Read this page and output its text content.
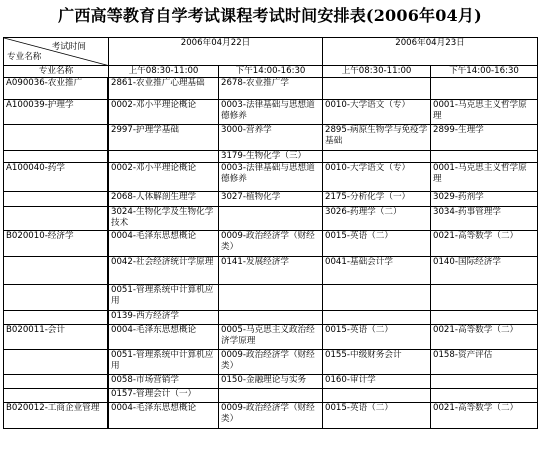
广西高等教育自学考试课程考试时间安排表(2006年04月)
考试时间
专业名称	2006年04月22日		2006年04月23日	
专业名称	上午08:30-11:00	下午14:00-16:30	上午08:30-11:00	下午14:00-16:30
A090036-农业推广		2861-农业推广心理基础	2678-农业推广学		
A100039-护理学		0002-邓小平理论概论	0003-法律基础与思想道德修养	0010-大学语文（专）	0001-马克思主义哲学原理
		2997-护理学基础	3000-营养学	2895-病原生物学与免疫学基础	2899-生理学
			3179-生物化学（三）		
A100040-药学		0002-邓小平理论概论	0003-法律基础与思想道德修养	0010-大学语文（专）	0001-马克思主义哲学原理
		2068-人体解剖生理学	3027-植物化学	2175-分析化学（一）	3029-药剂学
		3024-生物化学及生物化学技术		3026-药理学（二）	3034-药事管理学
B020010-经济学		0004-毛泽东思想概论	0009-政治经济学（财经类）	0015-英语（二）	0021-高等数学（二）
		0042-社会经济统计学原理	0141-发展经济学	0041-基础会计学	0140-国际经济学
		0051-管理系统中计算机应用			
		0139-西方经济学			
B020011-会计		0004-毛泽东思想概论	0005-马克思主义政治经济学原理	0015-英语（二）	0021-高等数学（二）
		0051-管理系统中计算机应用	0009-政治经济学（财经类）	0155-中级财务会计	0158-资产评估
		0058-市场营销学	0150-金融理论与实务	0160-审计学	
		0157-管理会计（一）			
B020012-工商企业管理		0004-毛泽东思想概论	0009-政治经济学（财经类）	0015-英语（二）	0021-高等数学（二）
